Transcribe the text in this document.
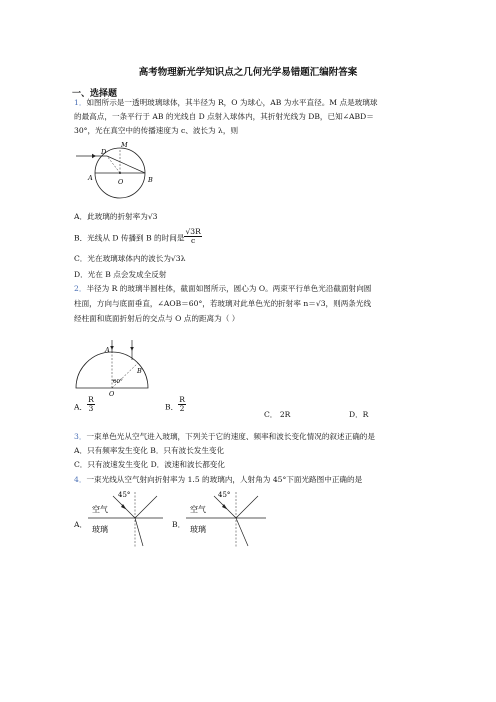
高考物理新光学知识点之几何光学易错题汇编附答案
一、选择题
1．如图所示是一透明玻璃球体，其半径为 R，O 为球心，AB 为水平直径。M 点是玻璃球
的最高点，一条平行于 AB 的光线自 D 点射入球体内，其折射光线为 DB，已知∠ABD＝
30°，光在真空中的传播速度为 c、波长为 λ，则
D
M
A	O	B
A．此玻璃的折射率为√3
B．光线从 D 传播到 B 的时间是 $\frac{√3R}{c}$
C．光在玻璃球体内的波长为√3λ
D．光在 B 点会发成全反射
2．半径为 R 的玻璃半圆柱体，截面如图所示，圆心为 O。两束平行单色光沿截面射向圆
柱面，方向与底面垂直，∠AOB＝60°，若玻璃对此单色光的折射率 n＝√3，则两条光线
经柱面和底面折射后的交点与 O 点的距离为（ ）
A
B
O
60°
A． $\frac{R}{3}$	B． $\frac{R}{2}$
C． 2R	D．R
3．一束单色光从空气进入玻璃，下列关于它的速度、频率和波长变化情况的叙述正确的是
A．只有频率发生变化 B．只有波长发生变化
C．只有波速发生变化 D．波速和波长都变化
4．一束光线从空气射向折射率为 1.5 的玻璃内，人射角为 45°下面光路图中正确的是
A．
45°
空气
玻璃
B．
45°
空气
玻璃
